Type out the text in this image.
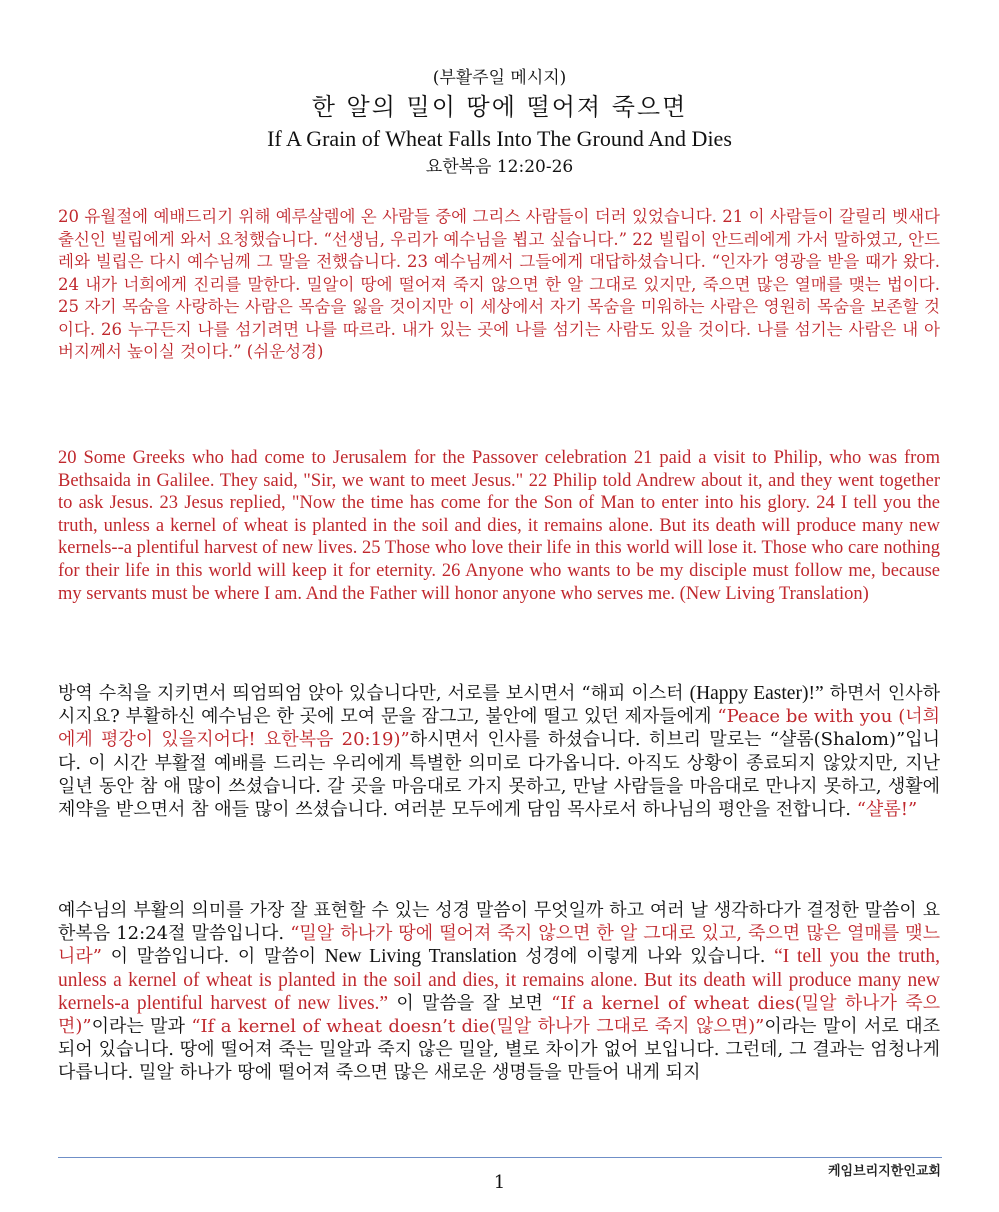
(부활주일 메시지)
한 알의 밀이 땅에 떨어져 죽으면
If A Grain of Wheat Falls Into The Ground And Dies
요한복음 12:20-26
20 유월절에 예배드리기 위해 예루살렘에 온 사람들 중에 그리스 사람들이 더러 있었습니다. 21 이 사람들이 갈릴리 벳새다 출신인 빌립에게 와서 요청했습니다. “선생님, 우리가 예수님을 뵙고 싶습니다.” 22 빌립이 안드레에게 가서 말하였고, 안드레와 빌립은 다시 예수님께 그 말을 전했습니다. 23 예수님께서 그들에게 대답하셨습니다. “인자가 영광을 받을 때가 왔다. 24 내가 너희에게 진리를 말한다. 밀알이 땅에 떨어져 죽지 않으면 한 알 그대로 있지만, 죽으면 많은 열매를 맺는 법이다. 25 자기 목숨을 사랑하는 사람은 목숨을 잃을 것이지만 이 세상에서 자기 목숨을 미워하는 사람은 영원히 목숨을 보존할 것이다. 26 누구든지 나를 섬기려면 나를 따르라. 내가 있는 곳에 나를 섬기는 사람도 있을 것이다. 나를 섬기는 사람은 내 아버지께서 높이실 것이다.” (쉬운성경)
20 Some Greeks who had come to Jerusalem for the Passover celebration 21 paid a visit to Philip, who was from Bethsaida in Galilee. They said, "Sir, we want to meet Jesus." 22 Philip told Andrew about it, and they went together to ask Jesus. 23 Jesus replied, "Now the time has come for the Son of Man to enter into his glory. 24 I tell you the truth, unless a kernel of wheat is planted in the soil and dies, it remains alone. But its death will produce many new kernels--a plentiful harvest of new lives. 25 Those who love their life in this world will lose it. Those who care nothing for their life in this world will keep it for eternity. 26 Anyone who wants to be my disciple must follow me, because my servants must be where I am. And the Father will honor anyone who serves me. (New Living Translation)
방역 수칙을 지키면서 띄엄띄엄 앉아 있습니다만, 서로를 보시면서 “해피 이스터 (Happy Easter)!” 하면서 인사하시지요? 부활하신 예수님은 한 곳에 모여 문을 잠그고, 불안에 떨고 있던 제자들에게 “Peace be with you (너희에게 평강이 있을지어다! 요한복음 20:19)”하시면서 인사를 하셨습니다. 히브리 말로는 “샬롬(Shalom)”입니다. 이 시간 부활절 예배를 드리는 우리에게 특별한 의미로 다가옵니다. 아직도 상황이 종료되지 않았지만, 지난 일년 동안 참 애 많이 쓰셨습니다. 갈 곳을 마음대로 가지 못하고, 만날 사람들을 마음대로 만나지 못하고, 생활에 제약을 받으면서 참 애들 많이 쓰셨습니다. 여러분 모두에게 담임 목사로서 하나님의 평안을 전합니다. “샬롬!”
예수님의 부활의 의미를 가장 잘 표현할 수 있는 성경 말씀이 무엇일까 하고 여러 날 생각하다가 결정한 말씀이 요한복음 12:24절 말씀입니다. “밀알 하나가 땅에 떨어져 죽지 않으면 한 알 그대로 있고, 죽으면 많은 열매를 맺느니라” 이 말씀입니다. 이 말씀이 New Living Translation 성경에 이렇게 나와 있습니다. “I tell you the truth, unless a kernel of wheat is planted in the soil and dies, it remains alone. But its death will produce many new kernels-a plentiful harvest of new lives.” 이 말씀을 잘 보면 “If a kernel of wheat dies(밀알 하나가 죽으면)”이라는 말과 “If a kernel of wheat doesn’t die(밀알 하나가 그대로 죽지 않으면)”이라는 말이 서로 대조되어 있습니다. 땅에 떨어져 죽는 밀알과 죽지 않은 밀알, 별로 차이가 없어 보입니다. 그런데, 그 결과는 엄청나게 다릅니다. 밀알 하나가 땅에 떨어져 죽으면 많은 새로운 생명들을 만들어 내게 되지
케임브리지한인교회
1
